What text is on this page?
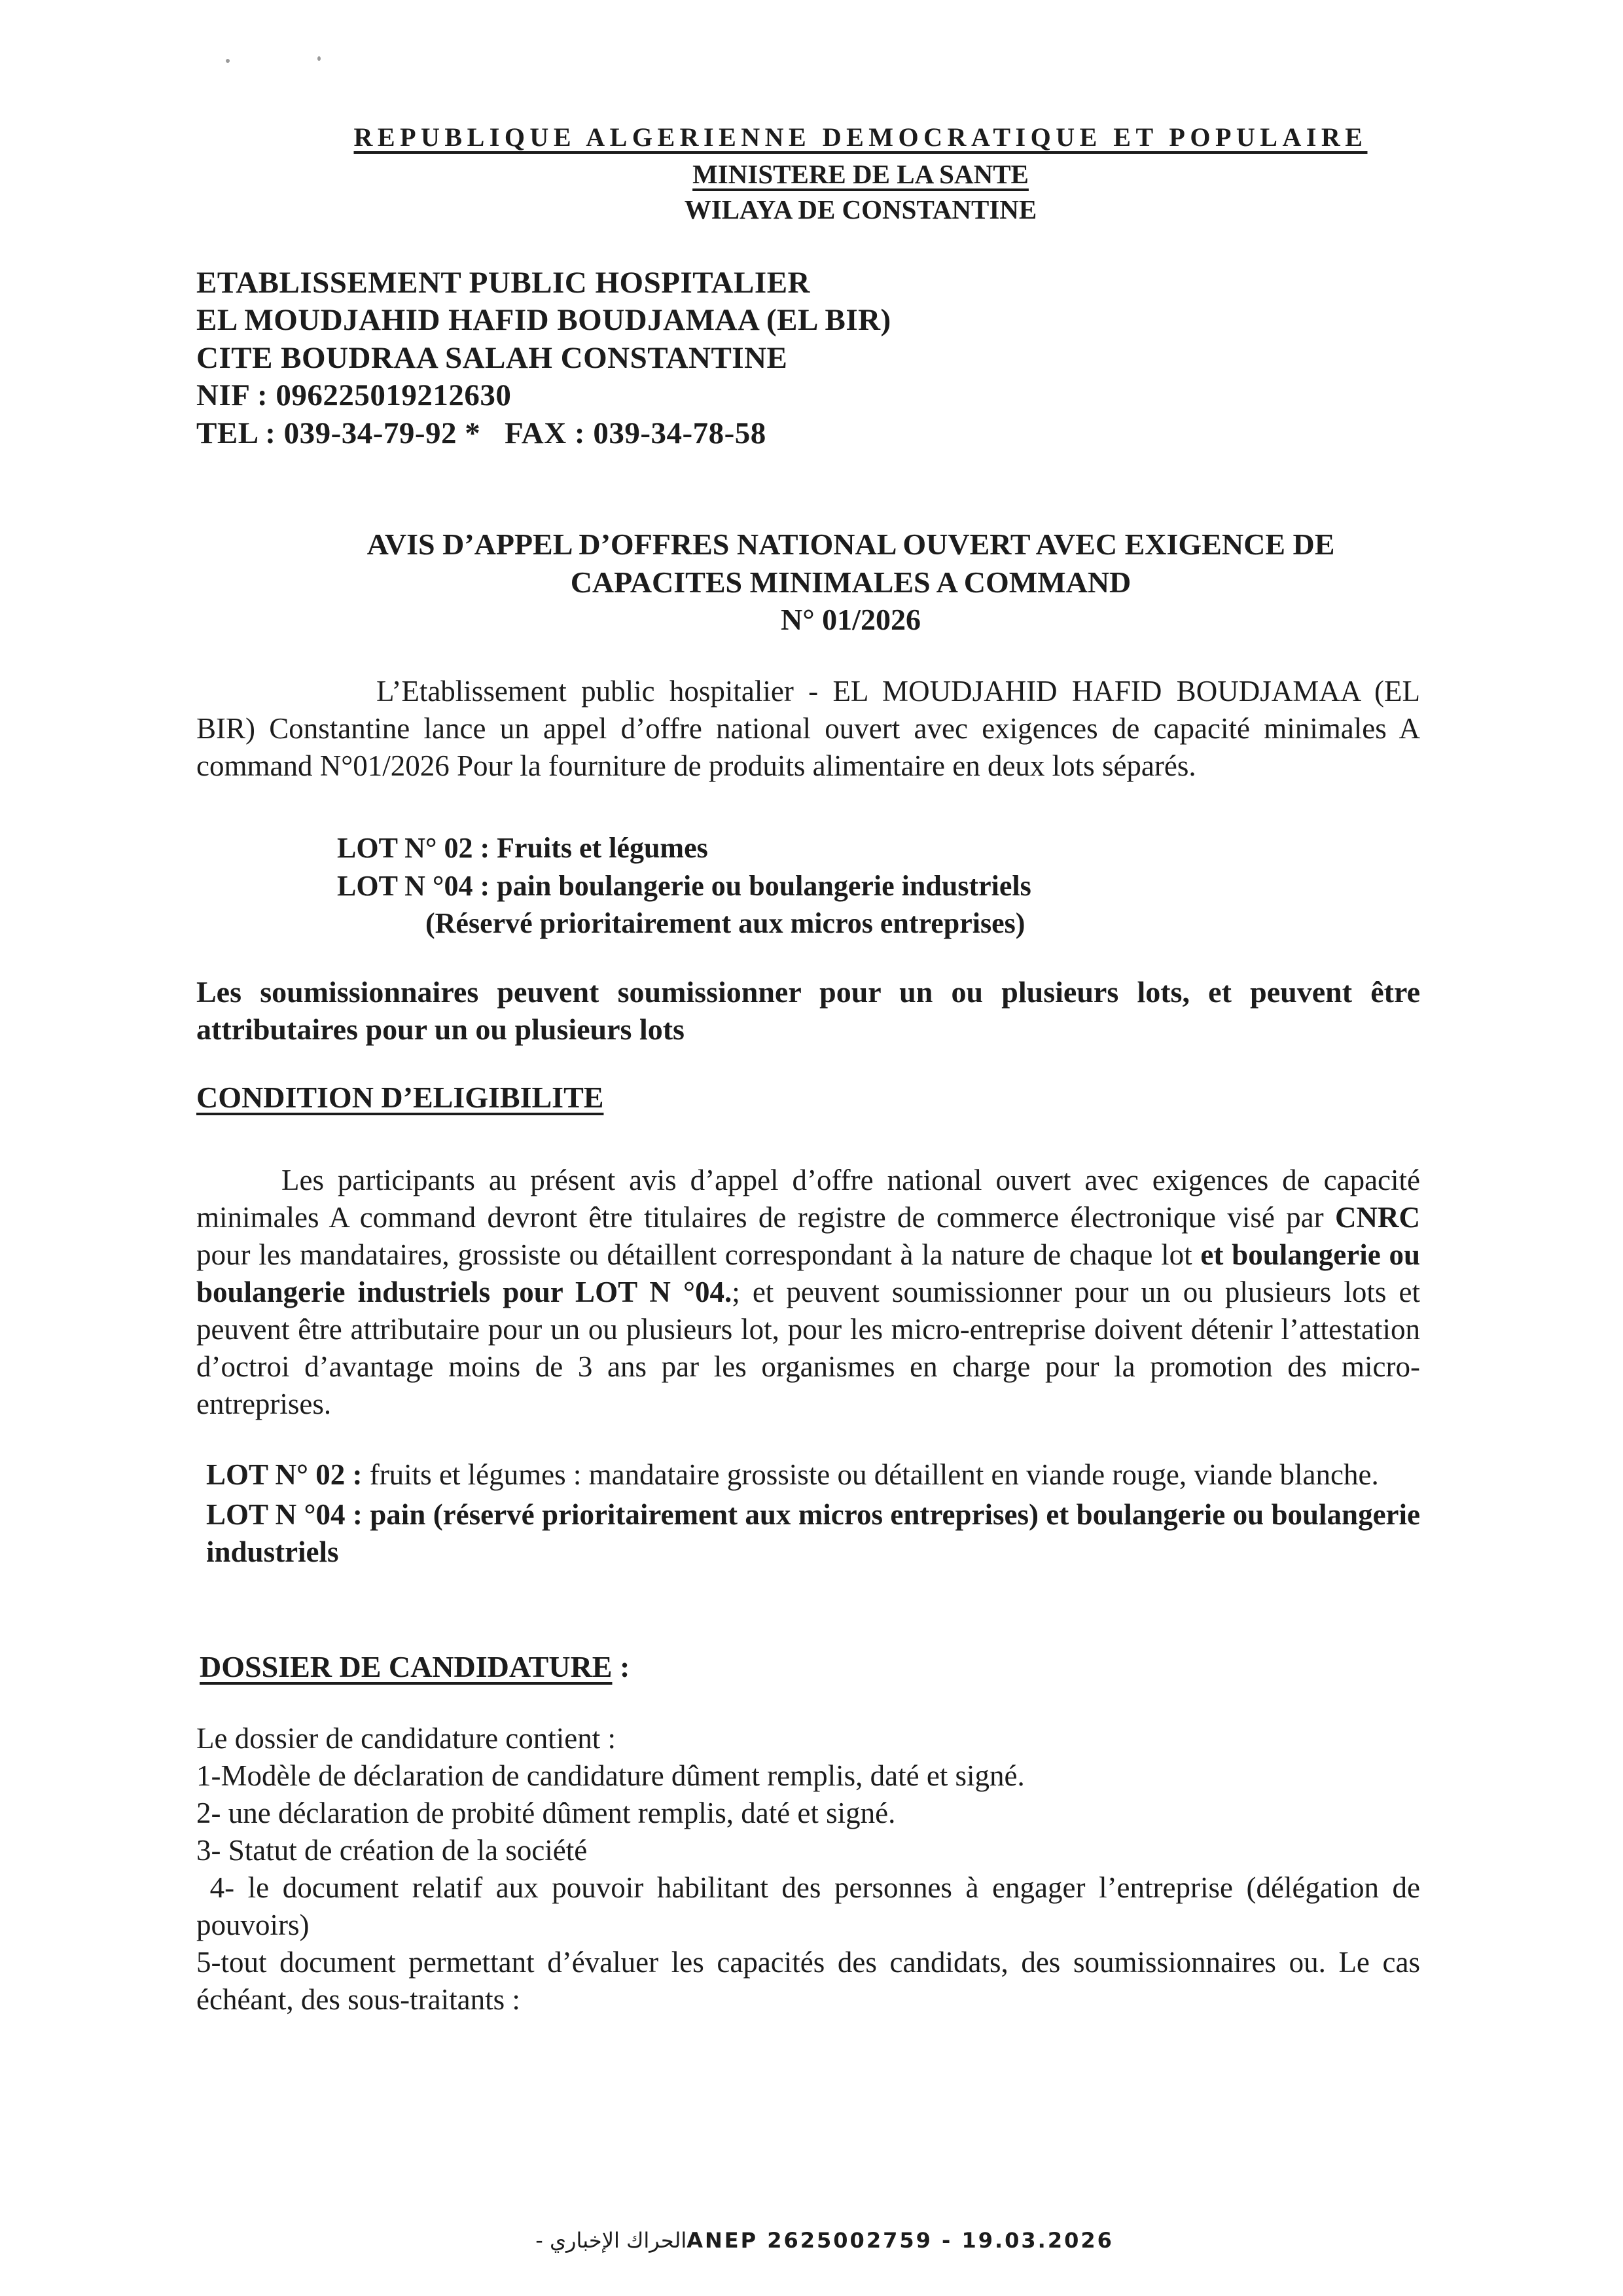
REPUBLIQUE ALGERIENNE DEMOCRATIQUE ET POPULAIRE
MINISTERE DE LA SANTE
WILAYA DE CONSTANTINE
ETABLISSEMENT PUBLIC HOSPITALIER
EL MOUDJAHID HAFID BOUDJAMAA (EL BIR)
CITE BOUDRAA SALAH CONSTANTINE
NIF : 096225019212630
TEL : 039-34-79-92 *   FAX : 039-34-78-58
AVIS D’APPEL D’OFFRES NATIONAL OUVERT AVEC EXIGENCE DE
CAPACITES MINIMALES A COMMAND
N° 01/2026

L’Etablissement public hospitalier - EL MOUDJAHID HAFID BOUDJAMAA (EL BIR) Constantine lance un appel d’offre national ouvert avec exigences de capacité minimales A command N°01/2026 Pour la fourniture de produits alimentaire en deux lots séparés.

LOT N° 02 : Fruits et légumes
LOT N °04 : pain boulangerie ou boulangerie industriels
(Réservé prioritairement aux micros entreprises)
Les soumissionnaires peuvent soumissionner pour un ou plusieurs lots, et peuvent être attributaires pour un ou plusieurs lots
CONDITION D’ELIGIBILITE

Les participants au présent avis d’appel d’offre national ouvert avec exigences de capacité minimales A command devront être titulaires de registre de commerce électronique visé par CNRC pour les mandataires, grossiste ou détaillent correspondant à la nature de chaque lot et boulangerie ou boulangerie industriels pour LOT N °04.; et peuvent soumissionner pour un ou plusieurs lots et peuvent être attributaire pour un ou plusieurs lot, pour les micro-entreprise doivent détenir l’attestation d’octroi d’avantage moins de 3 ans par les organismes en charge pour la promotion des micro-entreprises.

LOT N° 02 : fruits et légumes : mandataire grossiste ou détaillent en viande rouge, viande blanche.

LOT N °04 : pain (réservé prioritairement aux micros entreprises) et boulangerie ou boulangerie industriels

DOSSIER DE CANDIDATURE :

Le dossier de candidature contient :

1-Modèle de déclaration de candidature dûment remplis, daté et signé.

2- une déclaration de probité dûment remplis, daté et signé.

3- Statut de création de la société

4- le document relatif aux pouvoir habilitant des personnes à engager l’entreprise (délégation de pouvoirs)

5-tout document permettant d’évaluer les capacités des candidats, des soumissionnaires ou. Le cas échéant, des sous-traitants :

الحراك الإخباري - ANEP 2625002759 - 19.03.2026
